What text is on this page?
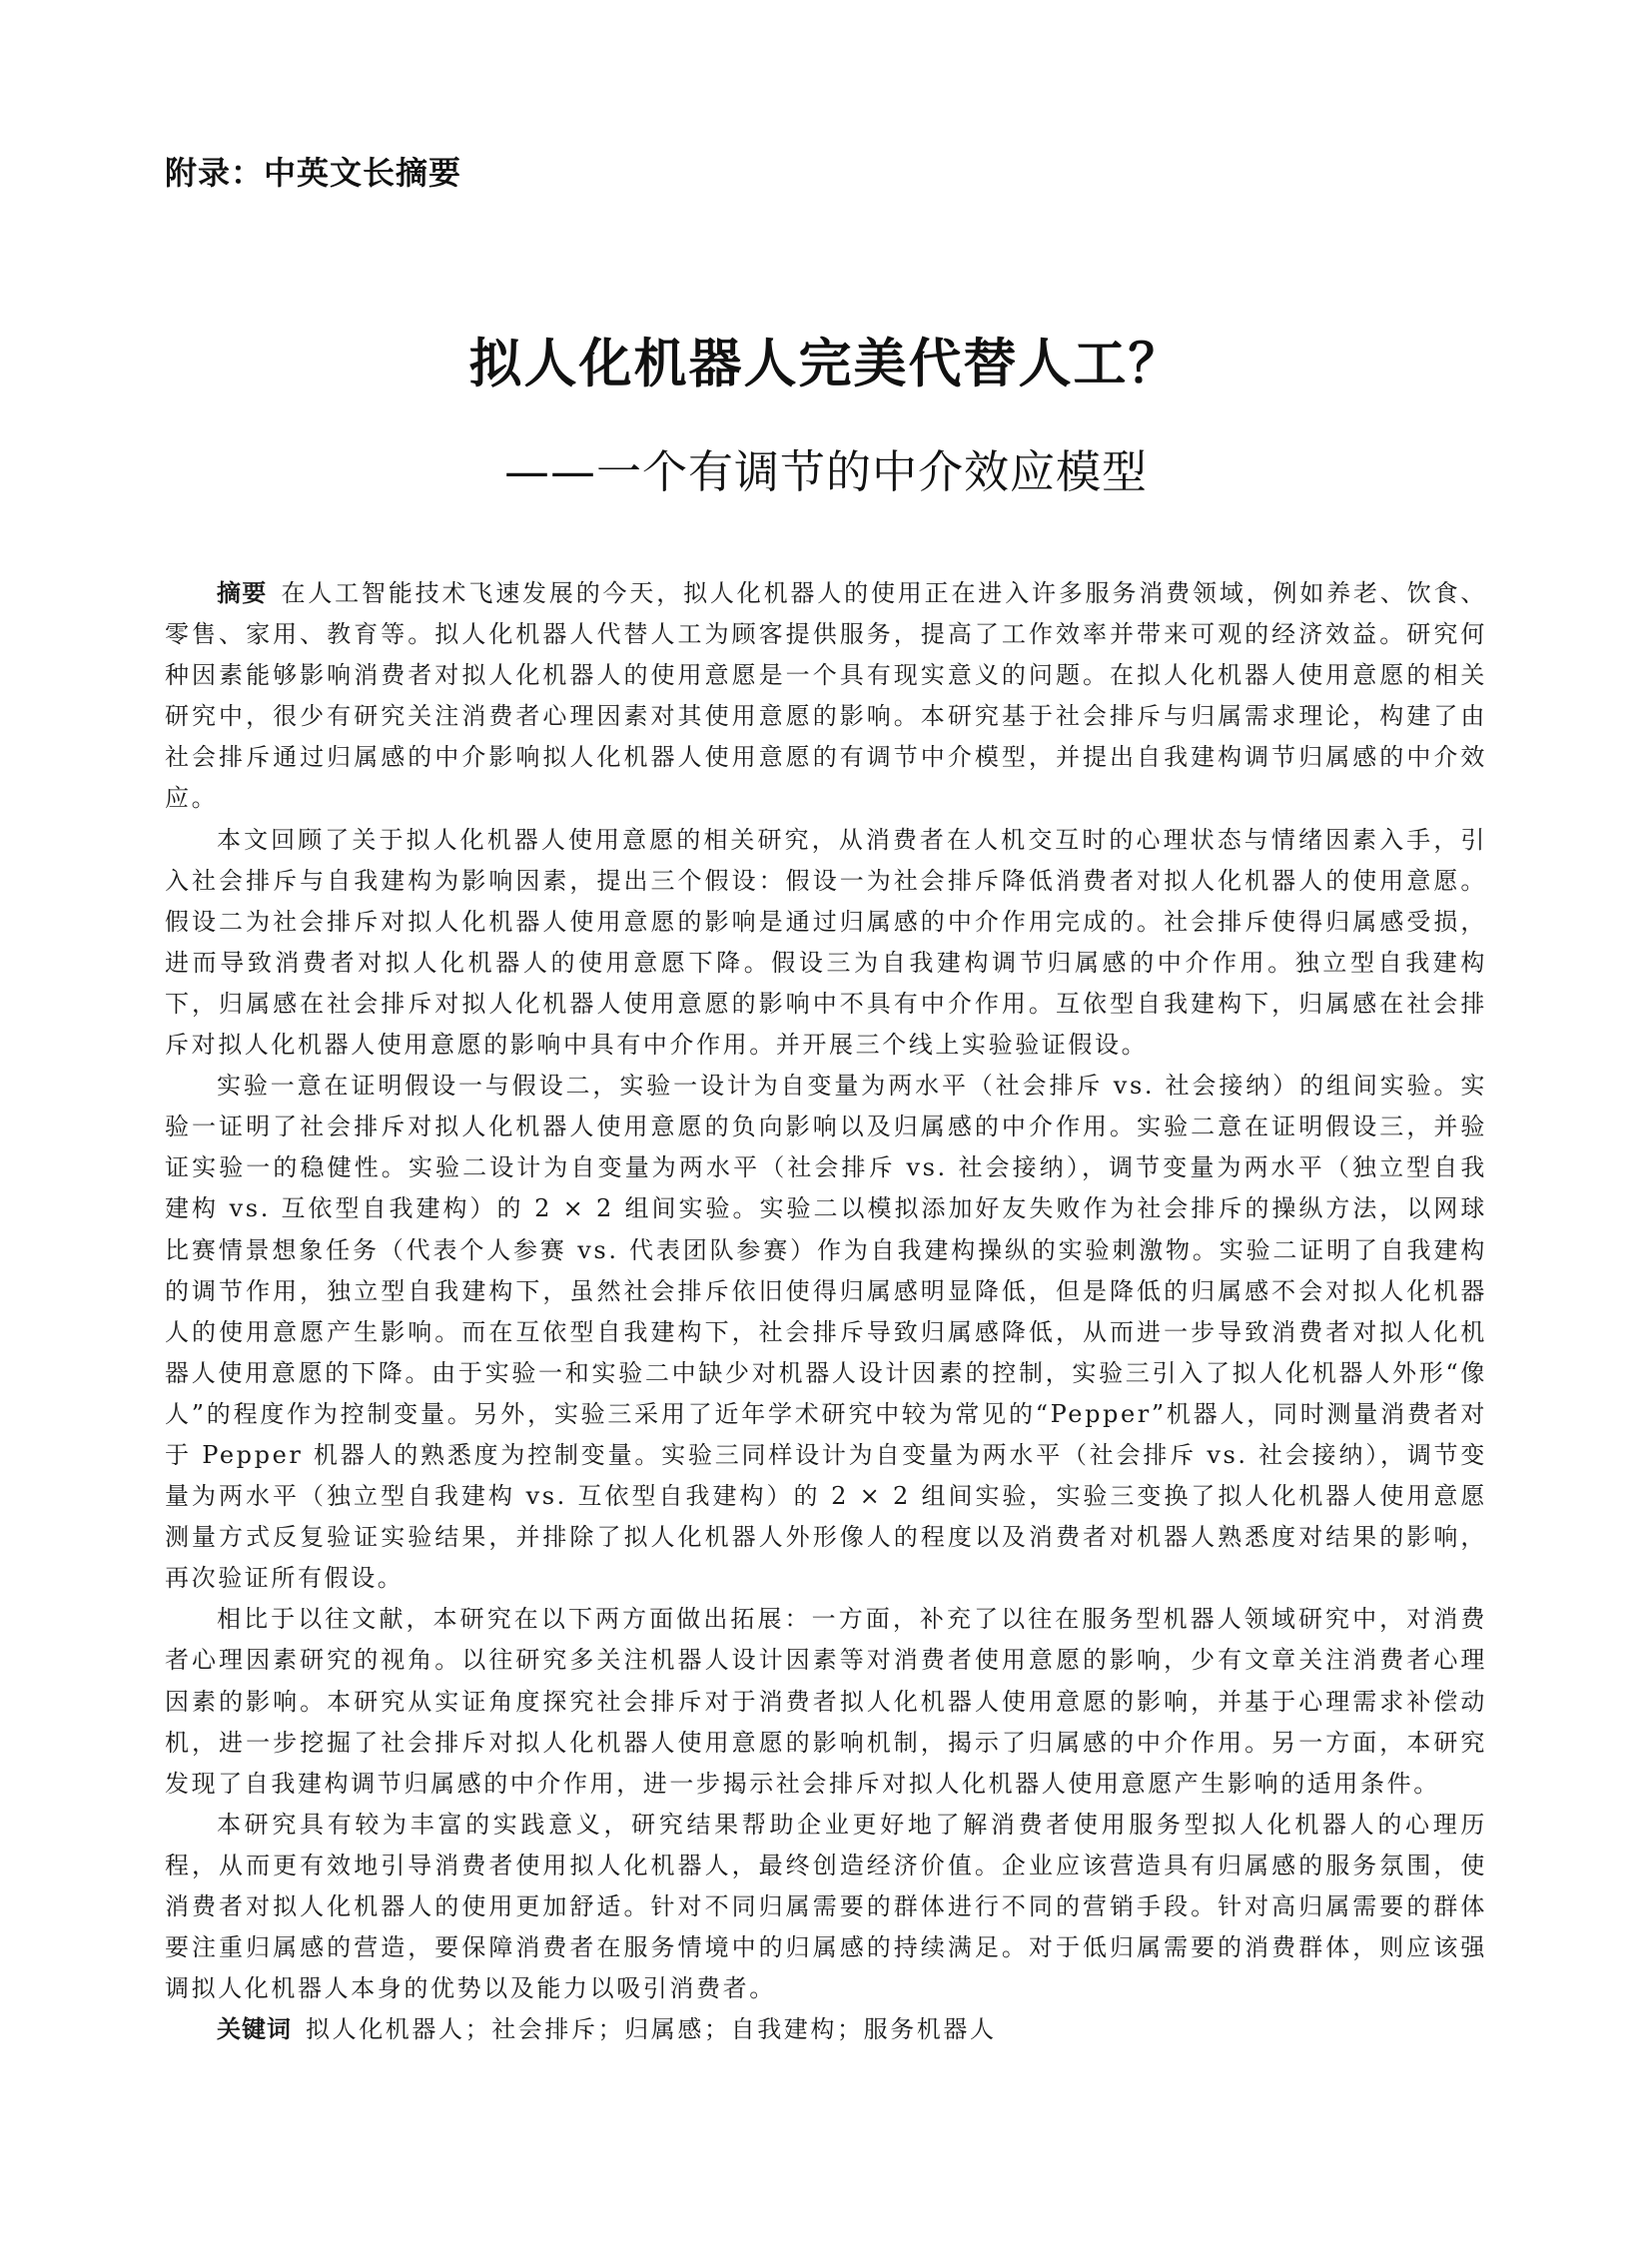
附录：中英文长摘要
拟人化机器人完美代替人工？
——一个有调节的中介效应模型

摘要 在人工智能技术飞速发展的今天，拟人化机器人的使用正在进入许多服务消费领域，例如养老、饮食、零售、家用、教育等。拟人化机器人代替人工为顾客提供服务，提高了工作效率并带来可观的经济效益。研究何种因素能够影响消费者对拟人化机器人的使用意愿是一个具有现实意义的问题。在拟人化机器人使用意愿的相关研究中，很少有研究关注消费者心理因素对其使用意愿的影响。本研究基于社会排斥与归属需求理论，构建了由社会排斥通过归属感的中介影响拟人化机器人使用意愿的有调节中介模型，并提出自我建构调节归属感的中介效应。

本文回顾了关于拟人化机器人使用意愿的相关研究，从消费者在人机交互时的心理状态与情绪因素入手，引入社会排斥与自我建构为影响因素，提出三个假设：假设一为社会排斥降低消费者对拟人化机器人的使用意愿。假设二为社会排斥对拟人化机器人使用意愿的影响是通过归属感的中介作用完成的。社会排斥使得归属感受损，进而导致消费者对拟人化机器人的使用意愿下降。假设三为自我建构调节归属感的中介作用。独立型自我建构下，归属感在社会排斥对拟人化机器人使用意愿的影响中不具有中介作用。互依型自我建构下，归属感在社会排斥对拟人化机器人使用意愿的影响中具有中介作用。并开展三个线上实验验证假设。

实验一意在证明假设一与假设二，实验一设计为自变量为两水平（社会排斥 vs. 社会接纳）的组间实验。实验一证明了社会排斥对拟人化机器人使用意愿的负向影响以及归属感的中介作用。实验二意在证明假设三，并验证实验一的稳健性。实验二设计为自变量为两水平（社会排斥 vs. 社会接纳），调节变量为两水平（独立型自我建构 vs. 互依型自我建构）的 2 × 2 组间实验。实验二以模拟添加好友失败作为社会排斥的操纵方法，以网球比赛情景想象任务（代表个人参赛 vs. 代表团队参赛）作为自我建构操纵的实验刺激物。实验二证明了自我建构的调节作用，独立型自我建构下，虽然社会排斥依旧使得归属感明显降低，但是降低的归属感不会对拟人化机器人的使用意愿产生影响。而在互依型自我建构下，社会排斥导致归属感降低，从而进一步导致消费者对拟人化机器人使用意愿的下降。由于实验一和实验二中缺少对机器人设计因素的控制，实验三引入了拟人化机器人外形“像人”的程度作为控制变量。另外，实验三采用了近年学术研究中较为常见的“Pepper”机器人，同时测量消费者对于 Pepper 机器人的熟悉度为控制变量。实验三同样设计为自变量为两水平（社会排斥 vs. 社会接纳），调节变量为两水平（独立型自我建构 vs. 互依型自我建构）的 2 × 2 组间实验，实验三变换了拟人化机器人使用意愿测量方式反复验证实验结果，并排除了拟人化机器人外形像人的程度以及消费者对机器人熟悉度对结果的影响，再次验证所有假设。

相比于以往文献，本研究在以下两方面做出拓展：一方面，补充了以往在服务型机器人领域研究中，对消费者心理因素研究的视角。以往研究多关注机器人设计因素等对消费者使用意愿的影响，少有文章关注消费者心理因素的影响。本研究从实证角度探究社会排斥对于消费者拟人化机器人使用意愿的影响，并基于心理需求补偿动机，进一步挖掘了社会排斥对拟人化机器人使用意愿的影响机制，揭示了归属感的中介作用。另一方面，本研究发现了自我建构调节归属感的中介作用，进一步揭示社会排斥对拟人化机器人使用意愿产生影响的适用条件。

本研究具有较为丰富的实践意义，研究结果帮助企业更好地了解消费者使用服务型拟人化机器人的心理历程，从而更有效地引导消费者使用拟人化机器人，最终创造经济价值。企业应该营造具有归属感的服务氛围，使消费者对拟人化机器人的使用更加舒适。针对不同归属需要的群体进行不同的营销手段。针对高归属需要的群体要注重归属感的营造，要保障消费者在服务情境中的归属感的持续满足。对于低归属需要的消费群体，则应该强调拟人化机器人本身的优势以及能力以吸引消费者。

关键词 拟人化机器人；社会排斥；归属感；自我建构；服务机器人
